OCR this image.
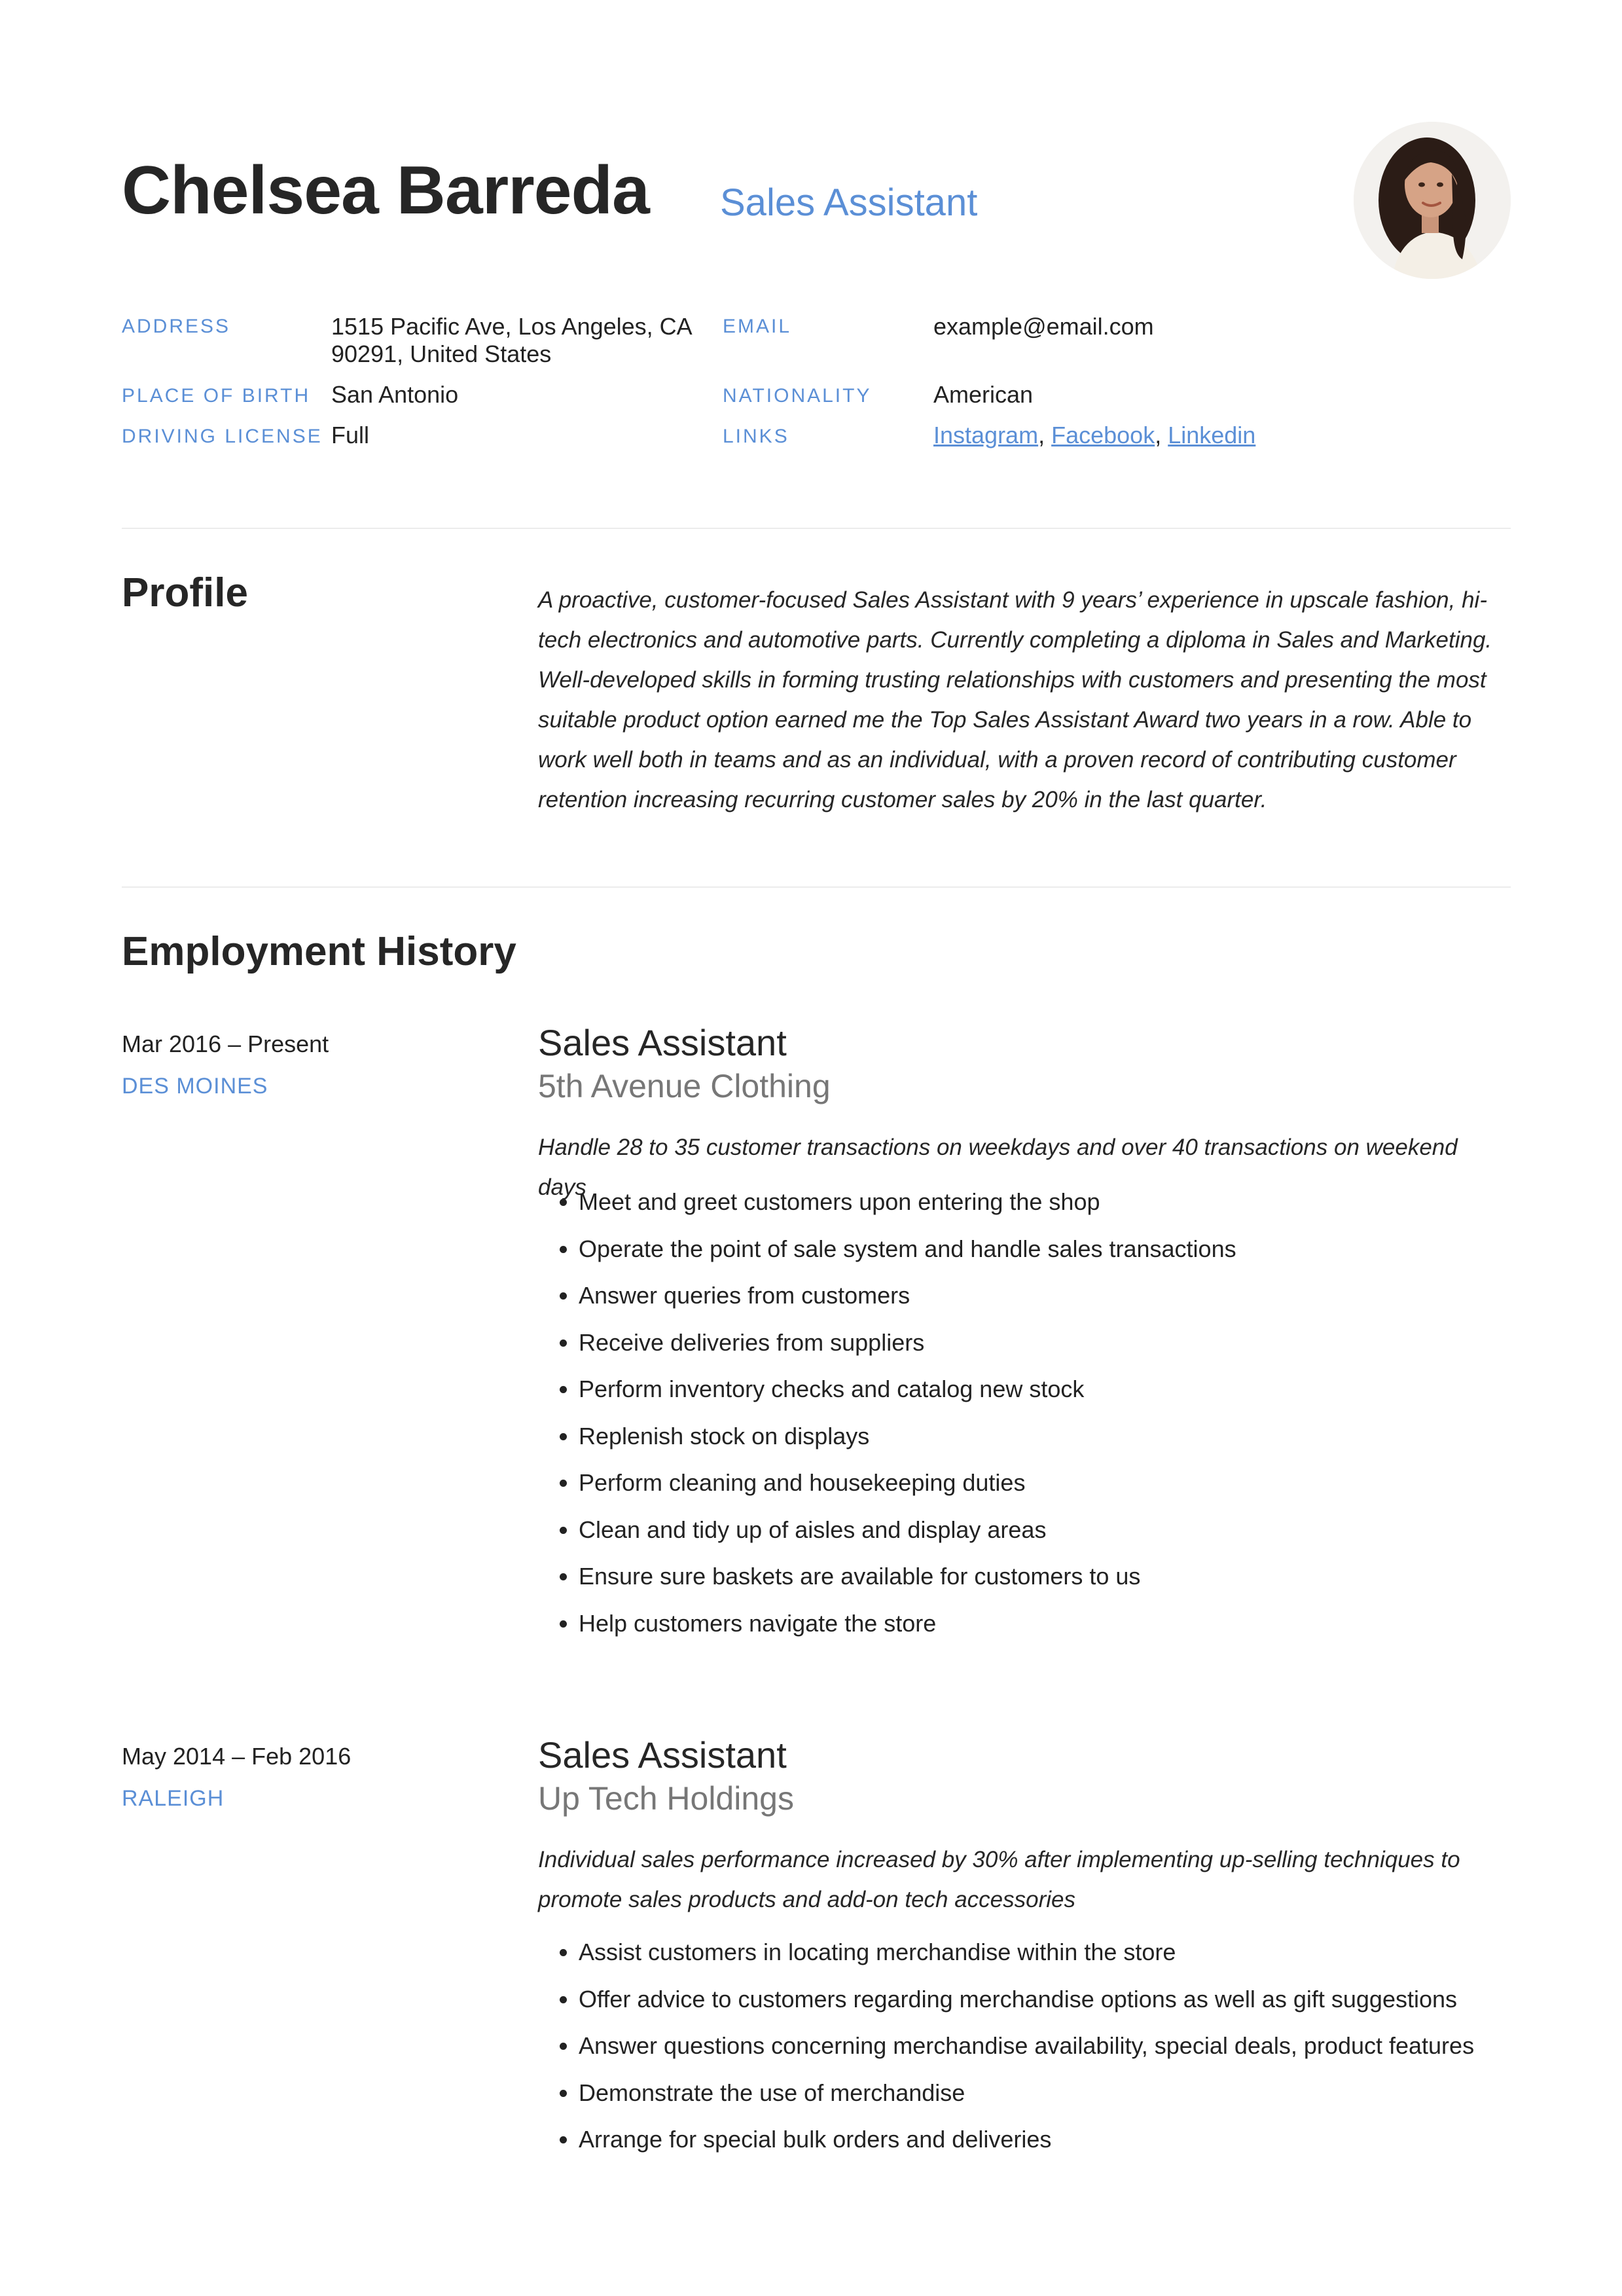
Chelsea Barreda Sales Assistant
ADDRESS	1515 Pacific Ave, Los Angeles, CA
90291, United States
PLACE OF BIRTH San Antonio
DRIVING LICENSE Full
EMAIL	example@email.com
NATIONALITY	American
LINKS	Instagram, Facebook, Linkedin
Profile	A proactive, customer-focused Sales Assistant with 9 years’ experience in upscale fashion, hi-tech electronics and automotive parts. Currently completing a diploma in Sales and Marketing. Well-developed skills in forming trusting relationships with customers and presenting the most suitable product option earned me the Top Sales Assistant Award two years in a row. Able to work well both in teams and as an individual, with a proven record of contributing customer retention increasing recurring customer sales by 20% in the last quarter.

Employment History
Mar 2016 – Present
DES MOINES
Sales Assistant
5th Avenue Clothing

Handle 28 to 35 customer transactions on weekdays and over 40 transactions on weekend days

• Meet and greet customers upon entering the shop
• Operate the point of sale system and handle sales transactions
• Answer queries from customers
• Receive deliveries from suppliers
• Perform inventory checks and catalog new stock
• Replenish stock on displays
• Perform cleaning and housekeeping duties
• Clean and tidy up of aisles and display areas
• Ensure sure baskets are available for customers to us
• Help customers navigate the store
May 2014 – Feb 2016
RALEIGH
Sales Assistant
Up Tech Holdings

Individual sales performance increased by 30% after implementing up-selling techniques to promote sales products and add-on tech accessories

• Assist customers in locating merchandise within the store
• Offer advice to customers regarding merchandise options as well as gift suggestions
• Answer questions concerning merchandise availability, special deals, product features
• Demonstrate the use of merchandise
• Arrange for special bulk orders and deliveries
